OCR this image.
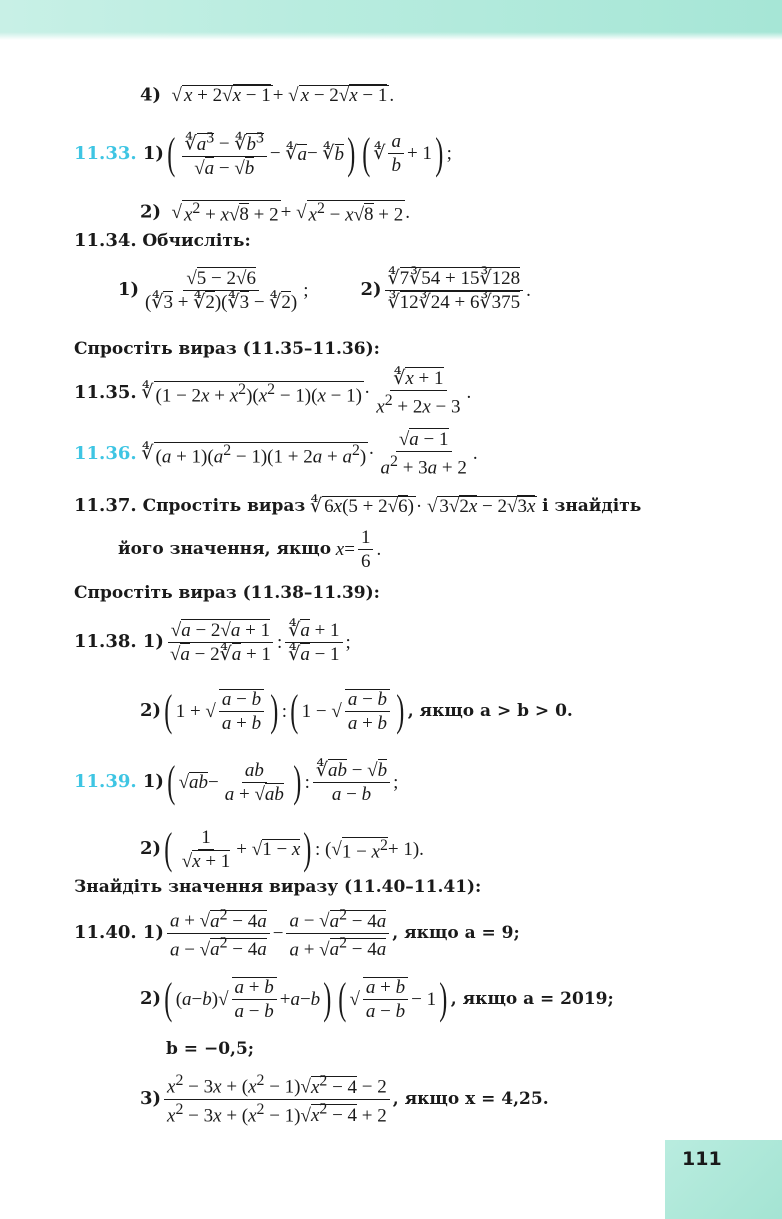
4)  √ x + 2√x − 1 + √ x − 2√x − 1 .
11.33. 1) ( $\frac{∜a^3 - ∜b^3}{√a - √b}$ − ∜ a − ∜ b ) ( ∜ $\frac{a}{b} + 1$ ) ;
2)  √ $x^2 + x√8 + 2$ + √ $x^2 - x√8 + 2$ .
11.34. Обчисліть:
$1) \frac{√5 - 2√6}{(∜3 + ∜2)(∜3 - ∜2)}$ ;	$2) \frac{∜7∛54 + 15∛128}{∛12∛24 + 6∛375}$ .
Спростіть вираз (11.35–11.36):
11.35. ∜ $(1 - 2x + x^2)(x^2 - 1)(x - 1) \cdot \frac{∜x + 1}{x^2 + 2x - 3}$ .
11.36. ∜ $(a + 1)(a^2 - 1)(1 + 2a + a^2) \cdot \frac{√a - 1}{a^2 + 3a + 2}$ .
11.37.
Спростіть вираз ∜ 6x(5 + 2√6) · √ 3√2x − 2√3x
і знайдіть
його значення, якщо
$x = \frac{1}{6}$ .
Спростіть вираз (11.38–11.39):
11.38. $1) \frac{√a - 2√a + 1}{√a - 2∜a + 1}$ : $\frac{∜a + 1}{∜a - 1}$ ;
2) ( 1 + √ $\frac{a - b}{a + b}$ ) : ( 1 − √ $\frac{a - b}{a + b}$ ) , якщо a > b > 0.
11.39. 1) ( √ ab − $\frac{ab}{a + √ab}$ ) : $\frac{∜ab - √b}{a - b}$ ;
2) ( $\frac{1}{√x + 1}$ + √ 1 − x ) : (√ $1 - x^2 + 1$).
Знайдіть значення виразу (11.40–11.41):
11.40. $1) \frac{a + √a^2 - 4a}{a - √a^2 - 4a} - \frac{a - √a^2 - 4a}{a + √a^2 - 4a}$ , якщо a = 9;
2) ( ( a − b )√ $\frac{a + b}{a - b} + a - b$ ) ( √ $\frac{a + b}{a - b} - 1$ ) , якщо a = 2019;
b = −0,5;
$3) \frac{x^2 - 3x + (x^2 - 1)√x^2 - 4 - 2}{x^2 - 3x + (x^2 - 1)√x^2 - 4 + 2}$ , якщо x = 4,25.
111
